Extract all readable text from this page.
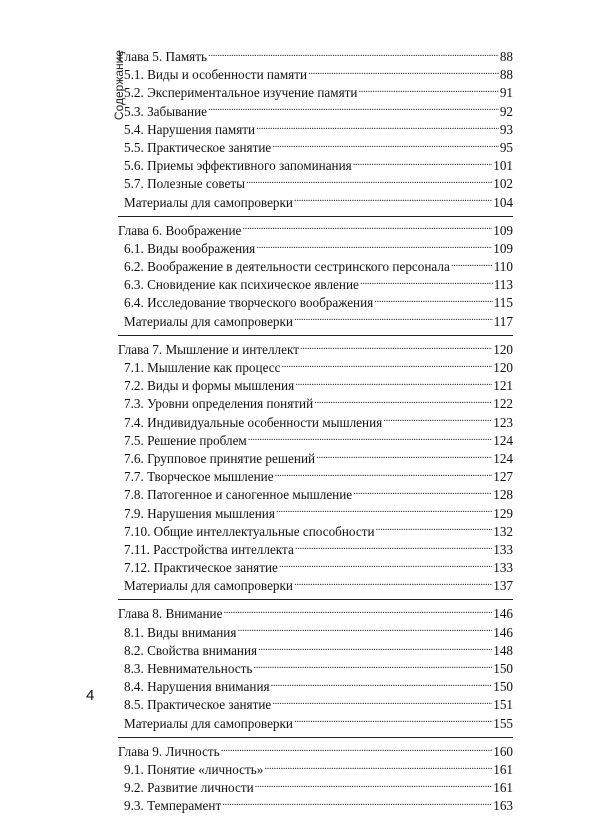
Содержание
Глава 5. Память . . .	88
5.1. Виды и особенности памяти . . .	88
5.2. Экспериментальное изучение памяти . . .	91
5.3. Забывание . . .	92
5.4. Нарушения памяти . . .	93
5.5. Практическое занятие . . .	95
5.6. Приемы эффективного запоминания . . .	101
5.7. Полезные советы . . .	102
Материалы для самопроверки . . .	104
Глава 6. Воображение . . .	109
6.1. Виды воображения . . .	109
6.2. Воображение в деятельности сестринского персонала . . .	110
6.3. Сновидение как психическое явление . . .	113
6.4. Исследование творческого воображения . . .	115
Материалы для самопроверки . . .	117
Глава 7. Мышление и интеллект . . .	120
7.1. Мышление как процесс . . .	120
7.2. Виды и формы мышления . . .	121
7.3. Уровни определения понятий . . .	122
7.4. Индивидуальные особенности мышления . . .	123
7.5. Решение проблем . . .	124
7.6. Групповое принятие решений . . .	124
7.7. Творческое мышление . . .	127
7.8. Патогенное и саногенное мышление . . .	128
7.9. Нарушения мышления . . .	129
7.10. Общие интеллектуальные способности . . .	132
7.11. Расстройства интеллекта . . .	133
7.12. Практическое занятие . . .	133
Материалы для самопроверки . . .	137
Глава 8. Внимание . . .	146
8.1. Виды внимания . . .	146
8.2. Свойства внимания . . .	148
8.3. Невнимательность . . .	150
8.4. Нарушения внимания . . .	150
8.5. Практическое занятие . . .	151
Материалы для самопроверки . . .	155
Глава 9. Личность . . .	160
9.1. Понятие «личность» . . .	161
9.2. Развитие личности . . .	161
9.3. Темперамент . . .	163
4
